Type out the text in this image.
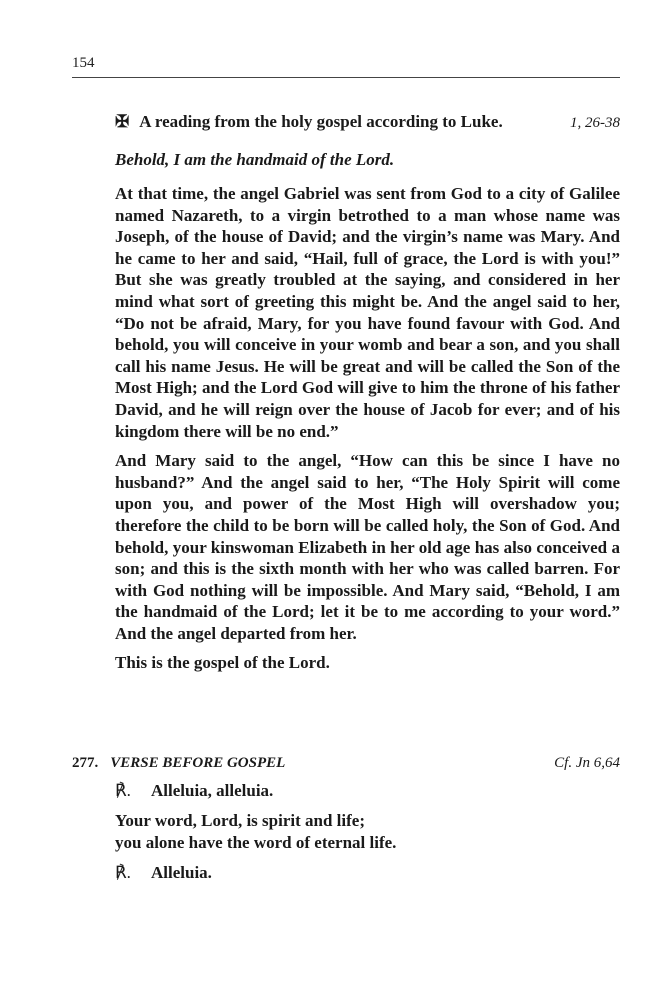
154
✠ A reading from the holy gospel according to Luke.	1, 26-38
Behold, I am the handmaid of the Lord.

At that time, the angel Gabriel was sent from God to a city of Galilee named Nazareth, to a virgin betrothed to a man whose name was Joseph, of the house of David; and the virgin’s name was Mary. And he came to her and said, “Hail, full of grace, the Lord is with you!” But she was greatly troubled at the saying, and considered in her mind what sort of greeting this might be. And the angel said to her, “Do not be afraid, Mary, for you have found favour with God. And behold, you will conceive in your womb and bear a son, and you shall call his name Jesus. He will be great and will be called the Son of the Most High; and the Lord God will give to him the throne of his father David, and he will reign over the house of Jacob for ever; and of his kingdom there will be no end.”

And Mary said to the angel, “How can this be since I have no husband?” And the angel said to her, “The Holy Spirit will come upon you, and power of the Most High will overshadow you; therefore the child to be born will be called holy, the Son of God. And behold, your kinswoman Elizabeth in her old age has also conceived a son; and this is the sixth month with her who was called barren. For with God nothing will be impossible. And Mary said, “Behold, I am the handmaid of the Lord; let it be to me according to your word.” And the angel departed from her.

This is the gospel of the Lord.

277. VERSE BEFORE GOSPEL	Cf. Jn 6,64
℟.	Alleluia, alleluia.
Your word, Lord, is spirit and life;
you alone have the word of eternal life.
℟.	Alleluia.
